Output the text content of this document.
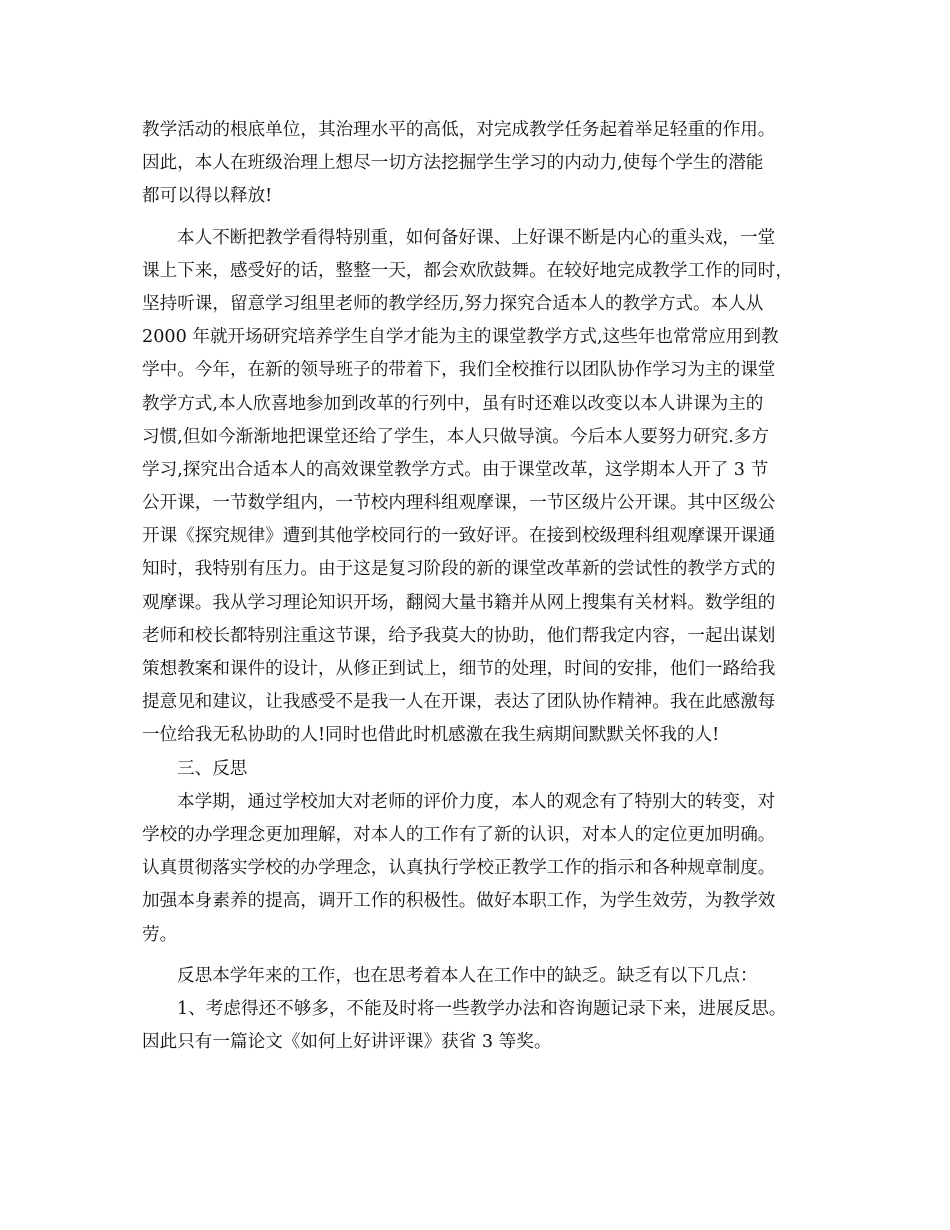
教学活动的根底单位，其治理水平的高低，对完成教学任务起着举足轻重的作用。
因此，本人在班级治理上想尽一切方法挖掘学生学习的内动力,使每个学生的潜能
都可以得以释放!
本人不断把教学看得特别重，如何备好课、上好课不断是内心的重头戏，一堂
课上下来，感受好的话，整整一天，都会欢欣鼓舞。在较好地完成教学工作的同时，
坚持听课，留意学习组里老师的教学经历,努力探究合适本人的教学方式。本人从
2000 年就开场研究培养学生自学才能为主的课堂教学方式,这些年也常常应用到教
学中。今年，在新的领导班子的带着下，我们全校推行以团队协作学习为主的课堂
教学方式,本人欣喜地参加到改革的行列中，虽有时还难以改变以本人讲课为主的
习惯,但如今渐渐地把课堂还给了学生，本人只做导演。今后本人要努力研究.多方
学习,探究出合适本人的高效课堂教学方式。由于课堂改革，这学期本人开了 3 节
公开课，一节数学组内，一节校内理科组观摩课，一节区级片公开课。其中区级公
开课《探究规律》遭到其他学校同行的一致好评。在接到校级理科组观摩课开课通
知时，我特别有压力。由于这是复习阶段的新的课堂改革新的尝试性的教学方式的
观摩课。我从学习理论知识开场，翻阅大量书籍并从网上搜集有关材料。数学组的
老师和校长都特别注重这节课，给予我莫大的协助，他们帮我定内容，一起出谋划
策想教案和课件的设计，从修正到试上，细节的处理，时间的安排，他们一路给我
提意见和建议，让我感受不是我一人在开课，表达了团队协作精神。我在此感激每
一位给我无私协助的人!同时也借此时机感激在我生病期间默默关怀我的人!
三、反思
本学期，通过学校加大对老师的评价力度，本人的观念有了特别大的转变，对
学校的办学理念更加理解，对本人的工作有了新的认识，对本人的定位更加明确。
认真贯彻落实学校的办学理念，认真执行学校正教学工作的指示和各种规章制度。
加强本身素养的提高，调开工作的积极性。做好本职工作，为学生效劳，为教学效
劳。
反思本学年来的工作，也在思考着本人在工作中的缺乏。缺乏有以下几点：
1、考虑得还不够多，不能及时将一些教学办法和咨询题记录下来，进展反思。
因此只有一篇论文《如何上好讲评课》获省 3 等奖。
